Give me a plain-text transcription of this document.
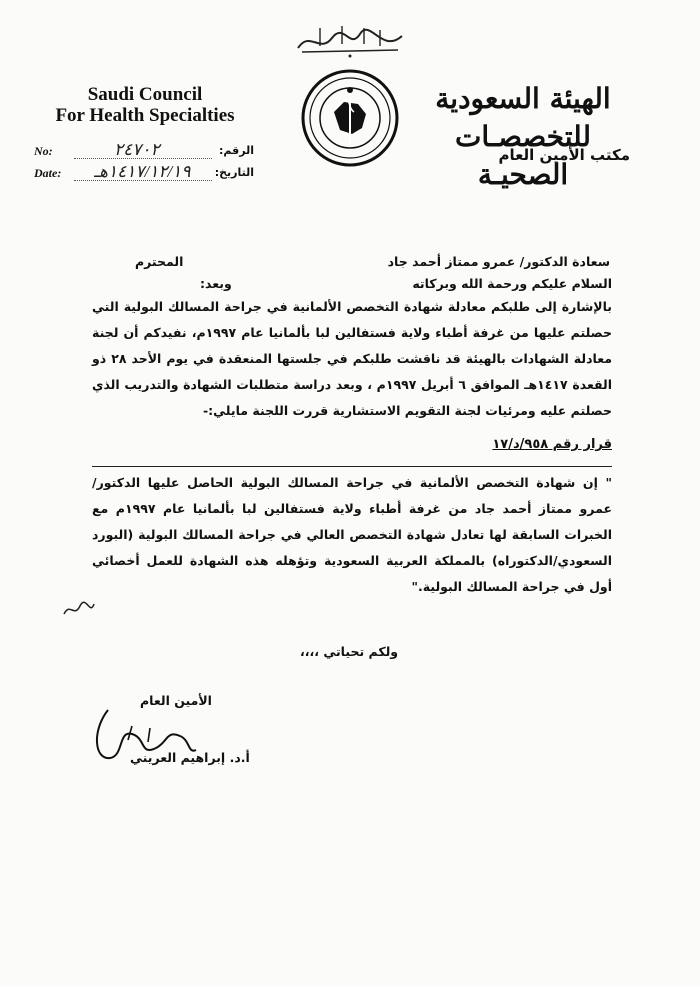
Saudi Council
For Health Specialties
الهيئة السعودية
للتخصصـات الصحيـة
مكتب الأمين العام
No:	٢٤٧٠٢	الرقم:
Date: ١٤١٧/١٢/١٩هـ التاريخ:
سعادة الدكتور/ عمرو ممتاز أحمد جاد
المحترم
السلام عليكم ورحمة الله وبركاته
وبعد:
بالإشارة إلى طلبكم معادلة شهادة التخصص الألمانية في جراحة المسالك البولية التي حصلتم عليها من غرفة أطباء ولاية فستفالين لبا بألمانيا عام ١٩٩٧م، نفيدكم أن لجنة معادلة الشهادات بالهيئة قد ناقشت طلبكم في جلستها المنعقدة في يوم الأحد ٢٨ ذو القعدة ١٤١٧هـ الموافق ٦ أبريل ١٩٩٧م ، وبعد دراسة متطلبات الشهادة والتدريب الذي حصلتم عليه ومرئيات لجنة التقويم الاستشارية قررت اللجنة مايلي:-
قرار رقم ٩٥٨/د/١٧
" إن شهادة التخصص الألمانية في جراحة المسالك البولية الحاصل عليها الدكتور/ عمرو ممتاز أحمد جاد من غرفة أطباء ولاية فستفالين لبا بألمانيا عام ١٩٩٧م مع الخبرات السابقة لها تعادل شهادة التخصص العالي في جراحة المسالك البولية (البورد السعودي/الدكتوراه) بالمملكة العربية السعودية وتؤهله هذه الشهادة للعمل أخصائي أول في جراحة المسالك البولية."
ولكم تحياتي ،،،،
الأمين العام
أ.د. إبراهيم العريني
